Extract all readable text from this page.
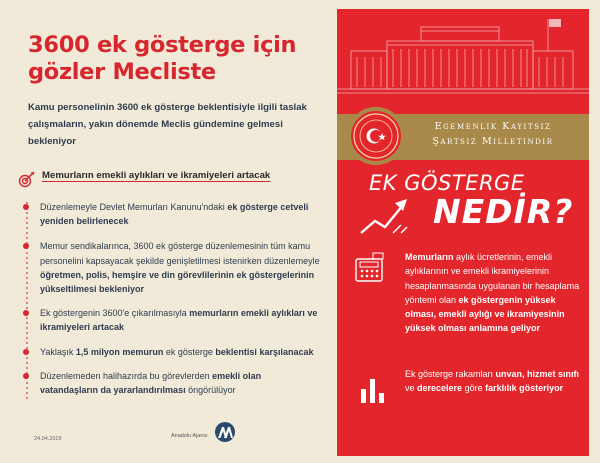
3600 ek gösterge için gözler Mecliste
Kamu personelinin 3600 ek gösterge beklentisiyle ilgili taslak çalışmaların, yakın dönemde Meclis gündemine gelmesi bekleniyor
Memurların emekli aylıkları ve ikramiyeleri artacak
Düzenlemeyle Devlet Memurları Kanunu'ndaki ek gösterge cetveli yeniden belirlenecek
Memur sendikalarınca, 3600 ek gösterge düzenlemesinin tüm kamu personelini kapsayacak şekilde genişletilmesi istenirken düzenlemeyle öğretmen, polis, hemşire ve din görevlilerinin ek göstergelerinin yükseltilmesi bekleniyor
Ek göstergenin 3600'e çıkarılmasıyla memurların emekli aylıkları ve ikramiyeleri artacak
Yaklaşık 1,5 milyon memurun ek gösterge beklentisi karşılanacak
Düzenlemeden halihazırda bu görevlerden emekli olan vatandaşların da yararlandırılması öngörülüyor
24.04.2019
Egemenlik Kayıtsız
Şartsız Milletindir
EK GÖSTERGE
NEDİR?
Memurların aylık ücretlerinin, emekli aylıklarının ve emekli ikramiyelerinin hesaplanmasında uygulanan bir hesaplama yöntemi olan ek göstergenin yüksek olması, emekli aylığı ve ikramiyesinin yüksek olması anlamına geliyor
Ek gösterge rakamları unvan, hizmet sınıfı ve derecelere göre farklılık gösteriyor
Anadolu Ajansı
